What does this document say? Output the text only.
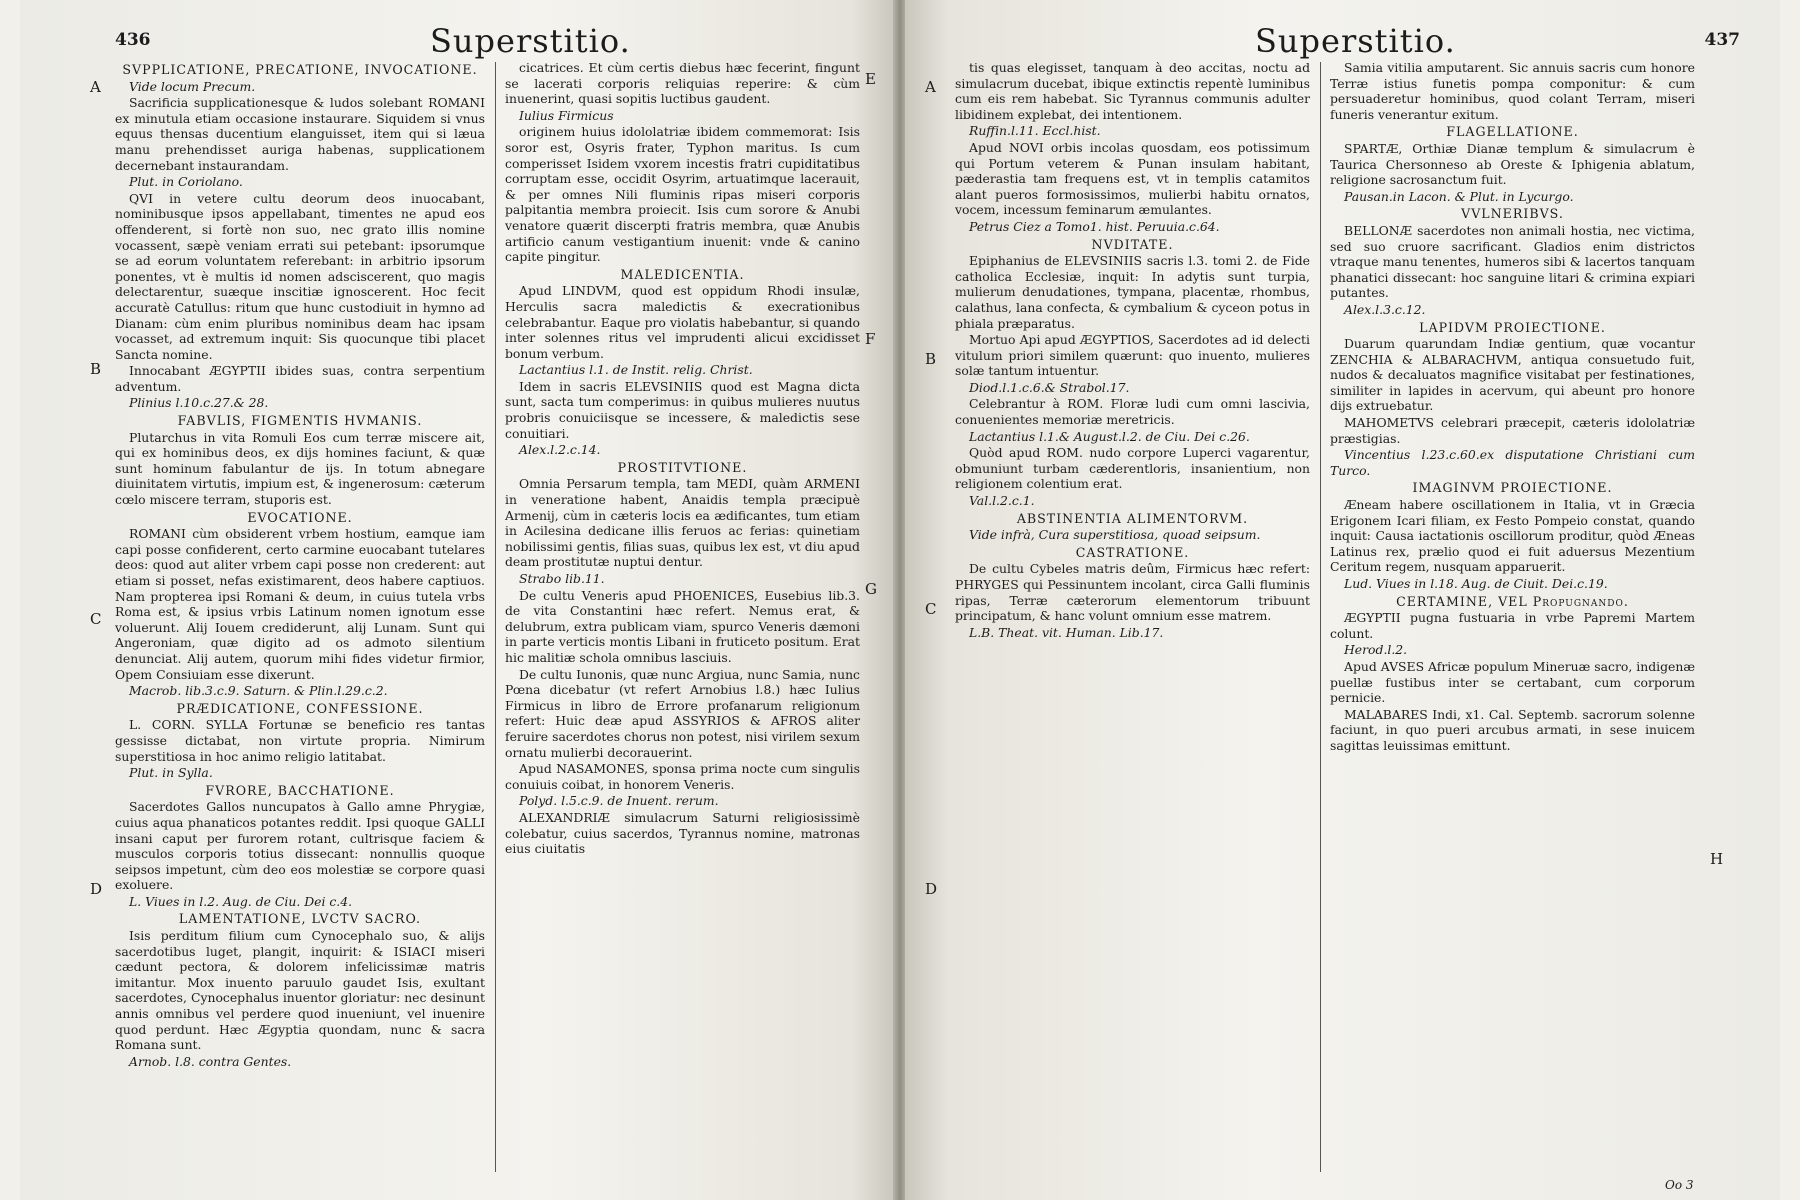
436	Superstitio.
A
B
C
D
SVPPLICATIONE, PRECATIONE, INVOCATIONE.

Vide locum Precum.

Sacrificia supplicationesque & ludos solebant ROMANI ex minutula etiam occasione instaurare. Siquidem si vnus equus thensas ducentium elanguisset, item qui si læua manu prehendisset auriga habenas, supplicationem decernebant instaurandam.

Plut. in Coriolano.

QVI in vetere cultu deorum deos inuocabant, nominibusque ipsos appellabant, timentes ne apud eos offenderent, si fortè non suo, nec grato illis nomine vocassent, sæpè veniam errati sui petebant: ipsorumque se ad eorum voluntatem referebant: in arbitrio ipsorum ponentes, vt è multis id nomen adsciscerent, quo magis delectarentur, suæque inscitiæ ignoscerent. Hoc fecit accuratè Catullus: ritum que hunc custodiuit in hymno ad Dianam: cùm enim pluribus nominibus deam hac ipsam vocasset, ad extremum inquit: Sis quocunque tibi placet Sancta nomine.

Innocabant ÆGYPTII ibides suas, contra serpentium adventum.

Plinius l.10.c.27.& 28.

FABVLIS, FIGMENTIS HVMANIS.

Plutarchus in vita Romuli Eos cum terræ miscere ait, qui ex hominibus deos, ex dijs homines faciunt, & quæ sunt hominum fabulantur de ijs. In totum abnegare diuinitatem virtutis, impium est, & ingenerosum: cæterum cœlo miscere terram, stuporis est.

EVOCATIONE.

ROMANI cùm obsiderent vrbem hostium, eamque iam capi posse confiderent, certo carmine euocabant tutelares deos: quod aut aliter vrbem capi posse non crederent: aut etiam si posset, nefas existimarent, deos habere captiuos. Nam propterea ipsi Romani & deum, in cuius tutela vrbs Roma est, & ipsius vrbis Latinum nomen ignotum esse voluerunt. Alij Iouem crediderunt, alij Lunam. Sunt qui Angeroniam, quæ digito ad os admoto silentium denunciat. Alij autem, quorum mihi fides videtur firmior, Opem Consiuiam esse dixerunt.

Macrob. lib.3.c.9. Saturn. & Plin.l.29.c.2.

PRÆDICATIONE, CONFESSIONE.

L. CORN. SYLLA Fortunæ se beneficio res tantas gessisse dictabat, non virtute propria. Nimirum superstitiosa in hoc animo religio latitabat.

Plut. in Sylla.

FVRORE, BACCHATIONE.

Sacerdotes Gallos nuncupatos à Gallo amne Phrygiæ, cuius aqua phanaticos potantes reddit. Ipsi quoque GALLI insani caput per furorem rotant, cultrisque faciem & musculos corporis totius dissecant: nonnullis quoque seipsos impetunt, cùm deo eos molestiæ se corpore quasi exoluere.

L. Viues in l.2. Aug. de Ciu. Dei c.4.

LAMENTATIONE, LVCTV SACRO.

Isis perditum filium cum Cynocephalo suo, & alijs sacerdotibus luget, plangit, inquirit: & ISIACI miseri cædunt pectora, & dolorem infelicissimæ matris imitantur. Mox inuento paruulo gaudet Isis, exultant sacerdotes, Cynocephalus inuentor gloriatur: nec desinunt annis omnibus vel perdere quod inueniunt, vel inuenire quod perdunt. Hæc Ægyptia quondam, nunc & sacra Romana sunt.

Arnob. l.8. contra Gentes.

cicatrices. Et cùm certis diebus hæc fecerint, fingunt se lacerati corporis reliquias reperire: & cùm inuenerint, quasi sopitis luctibus gaudent.

Iulius Firmicus

originem huius idololatriæ ibidem commemorat: Isis soror est, Osyris frater, Typhon maritus. Is cum comperisset Isidem vxorem incestis fratri cupiditatibus corruptam esse, occidit Osyrim, artuatimque lacerauit, & per omnes Nili fluminis ripas miseri corporis palpitantia membra proiecit. Isis cum sorore & Anubi venatore quærit discerpti fratris membra, quæ Anubis artificio canum vestigantium inuenit: vnde & canino capite pingitur.

MALEDICENTIA.

Apud LINDVM, quod est oppidum Rhodi insulæ, Herculis sacra maledictis & execrationibus celebrabantur. Eaque pro violatis habebantur, si quando inter solennes ritus vel imprudenti alicui excidisset bonum verbum.

Lactantius l.1. de Instit. relig. Christ.

Idem in sacris ELEVSINIIS quod est Magna dicta sunt, sacta tum comperimus: in quibus mulieres nuutus probris conuiciisque se incessere, & maledictis sese conuitiari.

Alex.l.2.c.14.

PROSTITVTIONE.

Omnia Persarum templa, tam MEDI, quàm ARMENI in veneratione habent, Anaidis templa præcipuè Armenij, cùm in cæteris locis ea ædificantes, tum etiam in Acilesina dedicane illis feruos ac ferias: quinetiam nobilissimi gentis, filias suas, quibus lex est, vt diu apud deam prostitutæ nuptui dentur.

Strabo lib.11.

De cultu Veneris apud PHOENICES, Eusebius lib.3. de vita Constantini hæc refert. Nemus erat, & delubrum, extra publicam viam, spurco Veneris dæmoni in parte verticis montis Libani in fruticeto positum. Erat hic malitiæ schola omnibus lasciuis.

De cultu Iunonis, quæ nunc Argiua, nunc Samia, nunc Pœna dicebatur (vt refert Arnobius l.8.) hæc Iulius Firmicus in libro de Errore profanarum religionum refert: Huic deæ apud ASSYRIOS & AFROS aliter feruire sacerdotes chorus non potest, nisi virilem sexum ornatu mulierbi decorauerint.

Apud NASAMONES, sponsa prima nocte cum singulis conuiuis coibat, in honorem Veneris.

Polyd. l.5.c.9. de Inuent. rerum.

ALEXANDRIÆ simulacrum Saturni religiosissimè colebatur, cuius sacerdos, Tyrannus nomine, matronas eius ciuitatis

437
Superstitio.
A
B
C
D
E
F
G
H

tis quas elegisset, tanquam à deo accitas, noctu ad simulacrum ducebat, ibique extinctis repentè luminibus cum eis rem habebat. Sic Tyrannus communis adulter libidinem explebat, dei intentionem.

Ruffin.l.11. Eccl.hist.

Apud NOVI orbis incolas quosdam, eos potissimum qui Portum veterem & Punan insulam habitant, pæderastia tam frequens est, vt in templis catamitos alant pueros formosissimos, mulierbi habitu ornatos, vocem, incessum feminarum æmulantes.

Petrus Ciez a Tomo1. hist. Peruuia.c.64.

NVDITATE.

Epiphanius de ELEVSINIIS sacris l.3. tomi 2. de Fide catholica Ecclesiæ, inquit: In adytis sunt turpia, mulierum denudationes, tympana, placentæ, rhombus, calathus, lana confecta, & cymbalium & cyceon potus in phiala præparatus.

Mortuo Api apud ÆGYPTIOS, Sacerdotes ad id delecti vitulum priori similem quærunt: quo inuento, mulieres solæ tantum intuentur.

Diod.l.1.c.6.& Strabol.17.

Celebrantur à ROM. Floræ ludi cum omni lascivia, conuenientes memoriæ meretricis.

Lactantius l.1.& August.l.2. de Ciu. Dei c.26.

Quòd apud ROM. nudo corpore Luperci vagarentur, obmuniunt turbam cæderentloris, insanientium, non religionem colentium erat.

Val.l.2.c.1.

ABSTINENTIA ALIMENTORVM.

Vide infrà, Cura superstitiosa, quoad seipsum.

CASTRATIONE.

De cultu Cybeles matris deûm, Firmicus hæc refert: PHRYGES qui Pessinuntem incolant, circa Galli fluminis ripas, Terræ cæterorum elementorum tribuunt principatum, & hanc volunt omnium esse matrem.

L.B. Theat. vit. Human. Lib.17.

Samia vitilia amputarent. Sic annuis sacris cum honore Terræ istius funetis pompa componitur: & cum persuaderetur hominibus, quod colant Terram, miseri funeris venerantur exitum.

FLAGELLATIONE.

SPARTÆ, Orthiæ Dianæ templum & simulacrum è Taurica Chersonneso ab Oreste & Iphigenia ablatum, religione sacrosanctum fuit.

Pausan.in Lacon. & Plut. in Lycurgo.

VVLNERIBVS.

BELLONÆ sacerdotes non animali hostia, nec victima, sed suo cruore sacrificant. Gladios enim districtos vtraque manu tenentes, humeros sibi & lacertos tanquam phanatici dissecant: hoc sanguine litari & crimina expiari putantes.

Alex.l.3.c.12.

LAPIDVM PROIECTIONE.

Duarum quarundam Indiæ gentium, quæ vocantur ZENCHIA & ALBARACHVM, antiqua consuetudo fuit, nudos & decaluatos magnifice visitabat per festinationes, similiter in lapides in acervum, qui abeunt pro honore dijs extruebatur.

MAHOMETVS celebrari præcepit, cæteris idololatriæ præstigias.

Vincentius l.23.c.60.ex disputatione Christiani cum Turco.

IMAGINVM PROIECTIONE.

Æneam habere oscillationem in Italia, vt in Græcia Erigonem Icari filiam, ex Festo Pompeio constat, quando inquit: Causa iactationis oscillorum proditur, quòd Æneas Latinus rex, prælio quod ei fuit aduersus Mezentium Ceritum regem, nusquam apparuerit.

Lud. Viues in l.18. Aug. de Ciuit. Dei.c.19.

CERTAMINE, VEL Propugnando.

ÆGYPTII pugna fustuaria in vrbe Papremi Martem colunt.

Herod.l.2.

Apud AVSES Africæ populum Mineruæ sacro, indigenæ puellæ fustibus inter se certabant, cum corporum pernicie.

MALABARES Indi, x1. Cal. Septemb. sacrorum solenne faciunt, in quo pueri arcubus armati, in sese inuicem sagittas leuissimas emittunt.

Oo 3
